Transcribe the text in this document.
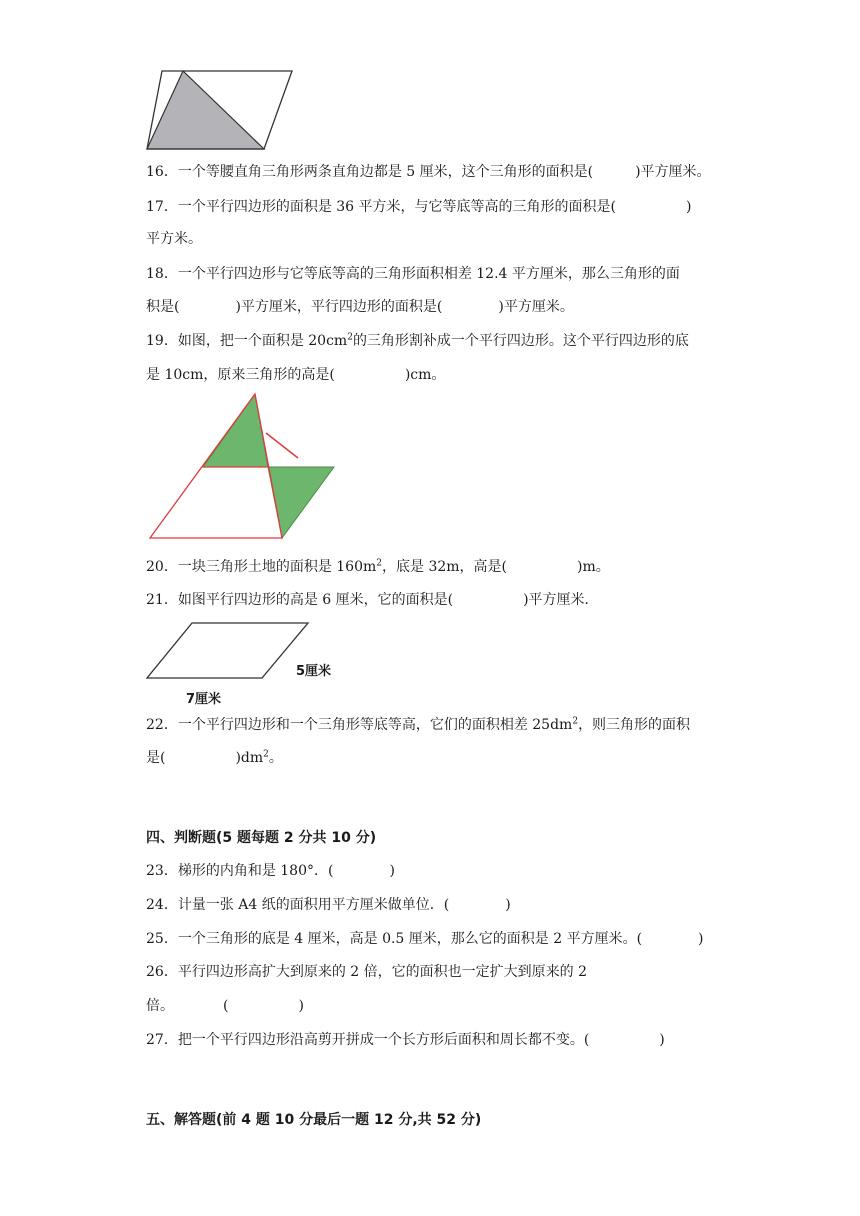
16．一个等腰直角三角形两条直角边都是 5 厘米，这个三角形的面积是(　　　)平方厘米。
17．一个平行四边形的面积是 36 平方米，与它等底等高的三角形的面积是(　　　　　)
平方米。
18．一个平行四边形与它等底等高的三角形面积相差 12.4 平方厘米，那么三角形的面
积是(　　　　)平方厘米，平行四边形的面积是(　　　　)平方厘米。
19．如图，把一个面积是 $20cm^2$的三角形割补成一个平行四边形。这个平行四边形的底
是 10cm，原来三角形的高是(　　　　　)cm。
20．一块三角形土地的面积是 $160m^2$，底是 32m，高是(　　　　　)m。
21．如图平行四边形的高是 6 厘米，它的面积是(　　　　　)平方厘米．
5厘米
7厘米
22．一个平行四边形和一个三角形等底等高，它们的面积相差 $25dm^2$，则三角形的面积
是(　　　　　)$dm^2$。
四、判断题(5 题每题 2 分共 10 分)
23．梯形的内角和是 180°．(　　　　)
24．计量一张 A4 纸的面积用平方厘米做单位．(　　　　)
25．一个三角形的底是 4 厘米，高是 0.5 厘米，那么它的面积是 2 平方厘米。(　　　　)
26．平行四边形高扩大到原来的 2 倍，它的面积也一定扩大到原来的 2
倍。　　　　(　　　　　)
27．把一个平行四边形沿高剪开拼成一个长方形后面积和周长都不变。(　　　　　)
五、解答题(前 4 题 10 分最后一题 12 分,共 52 分)
